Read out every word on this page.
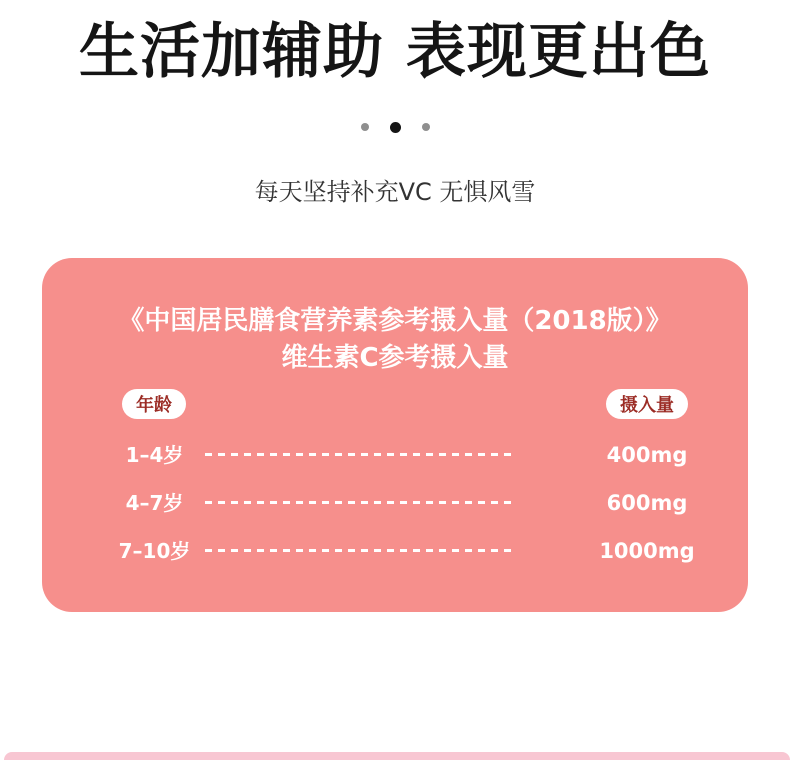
生活加辅助 表现更出色

每天坚持补充VC 无惧风雪

《中国居民膳食营养素参考摄入量（2018版）》
维生素C参考摄入量
年龄	摄入量
1–4岁	400mg
4–7岁	600mg
7–10岁	1000mg
